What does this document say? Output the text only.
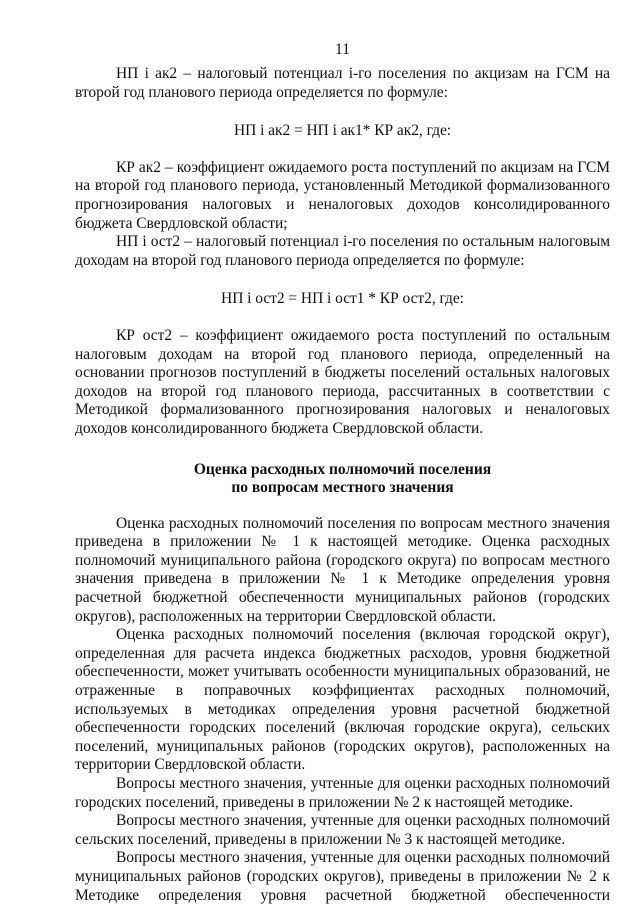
11

НП i ак2 – налоговый потенциал i-го поселения по акцизам на ГСМ на второй год планового периода определяется по формуле:

НП i ак2 = НП i ак1* КР ак2, где:

КР ак2 – коэффициент ожидаемого роста поступлений по акцизам на ГСМ на второй год планового периода, установленный Методикой формализованного прогнозирования налоговых и неналоговых доходов консолидированного бюджета Свердловской области;

НП i ост2 – налоговый потенциал i-го поселения по остальным налоговым доходам на второй год планового периода определяется по формуле:

НП i ост2 = НП i ост1 * КР ост2, где:

КР ост2 – коэффициент ожидаемого роста поступлений по остальным налоговым доходам на второй год планового периода, определенный на основании прогнозов поступлений в бюджеты поселений остальных налоговых доходов на второй год планового периода, рассчитанных в соответствии с Методикой формализованного прогнозирования налоговых и неналоговых доходов консолидированного бюджета Свердловской области.

Оценка расходных полномочий поселения
по вопросам местного значения

Оценка расходных полномочий поселения по вопросам местного значения приведена в приложении № 1 к настоящей методике. Оценка расходных полномочий муниципального района (городского округа) по вопросам местного значения приведена в приложении № 1 к Методике определения уровня расчетной бюджетной обеспеченности муниципальных районов (городских округов), расположенных на территории Свердловской области.

Оценка расходных полномочий поселения (включая городской округ), определенная для расчета индекса бюджетных расходов, уровня бюджетной обеспеченности, может учитывать особенности муниципальных образований, не отраженные в поправочных коэффициентах расходных полномочий, используемых в методиках определения уровня расчетной бюджетной обеспеченности городских поселений (включая городские округа), сельских поселений, муниципальных районов (городских округов), расположенных на территории Свердловской области.

Вопросы местного значения, учтенные для оценки расходных полномочий городских поселений, приведены в приложении № 2 к настоящей методике.

Вопросы местного значения, учтенные для оценки расходных полномочий сельских поселений, приведены в приложении № 3 к настоящей методике.

Вопросы местного значения, учтенные для оценки расходных полномочий муниципальных районов (городских округов), приведены в приложении № 2 к Методике определения уровня расчетной бюджетной обеспеченности
